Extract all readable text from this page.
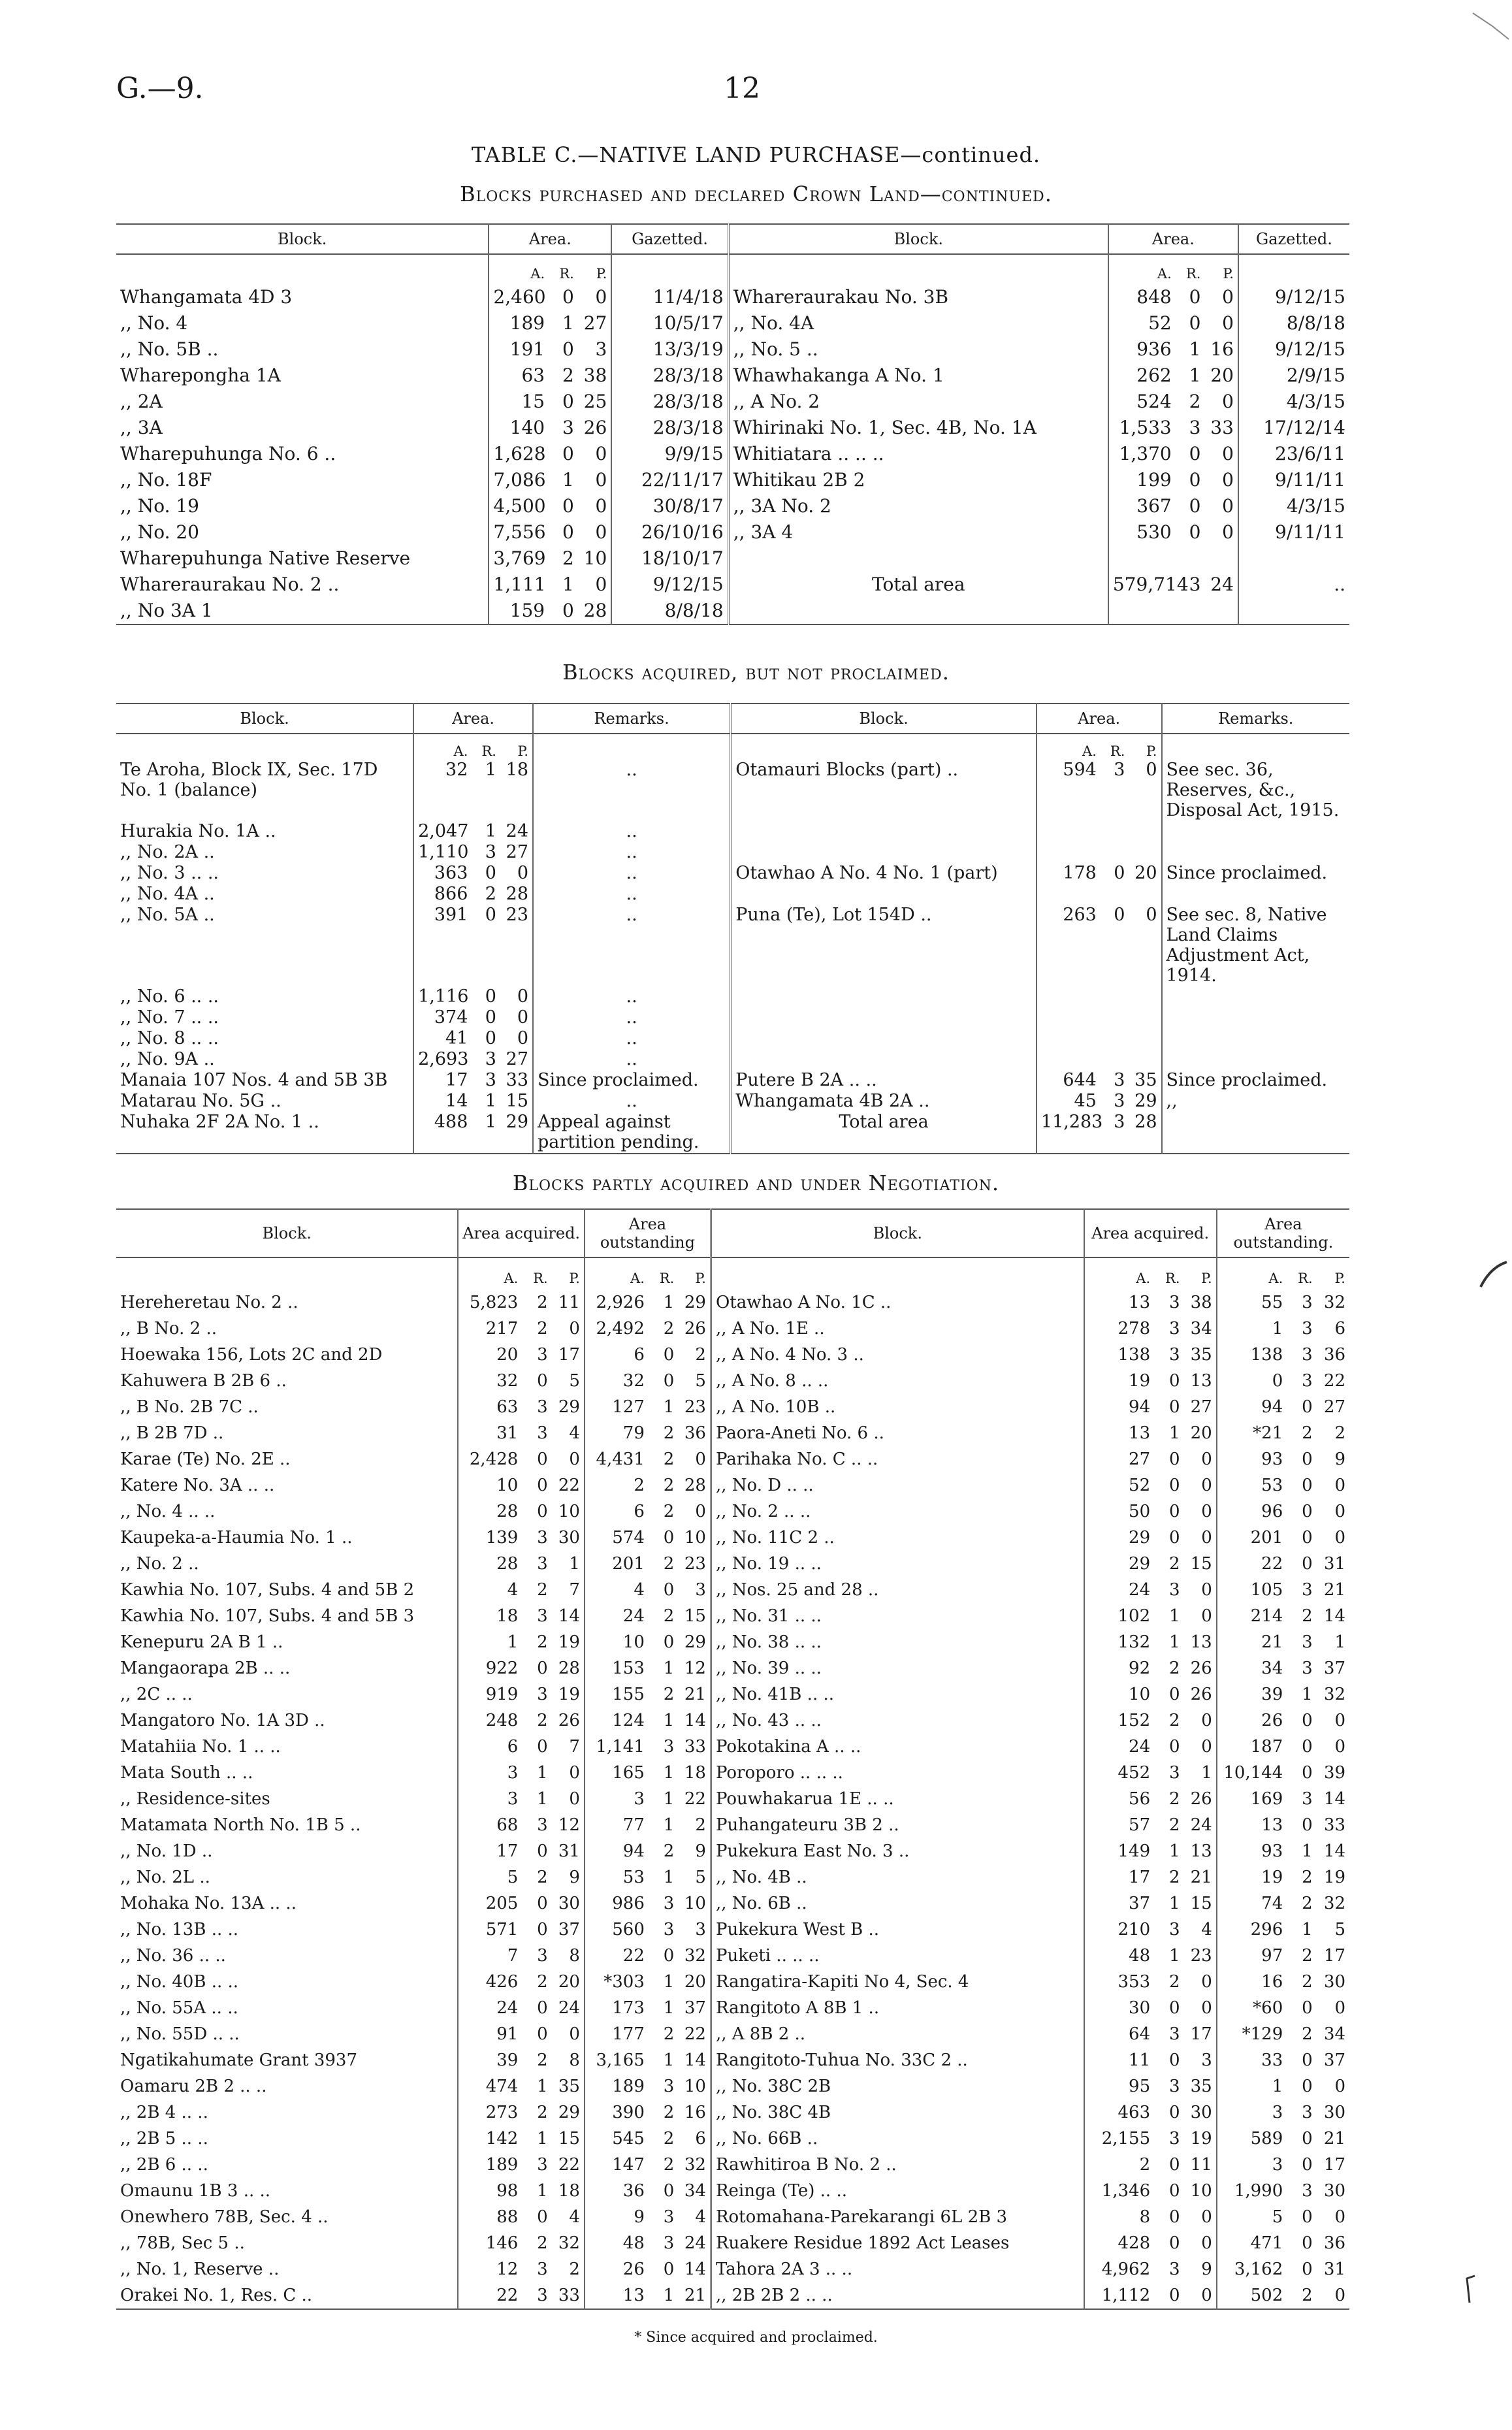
G.—9.	12
TABLE C.—NATIVE LAND PURCHASE—continued.
Blocks purchased and declared Crown Land—continued.
Block.	Area.			Gazetted.	Block.	Area.			Gazetted.
	A.	R.	P.			A.	R.	P.	
Whangamata 4D 3	2,460	0	0	11/4/18	Whareraurakau No. 3B	848	0	0	9/12/15
,, No. 4	189	1	27	10/5/17	,, No. 4A	52	0	0	8/8/18
,, No. 5B ..	191	0	3	13/3/19	,, No. 5 ..	936	1	16	9/12/15
Wharepongha 1A	63	2	38	28/3/18	Whawhakanga A No. 1	262	1	20	2/9/15
,, 2A	15	0	25	28/3/18	,, A No. 2	524	2	0	4/3/15
,, 3A	140	3	26	28/3/18	Whirinaki No. 1, Sec. 4B, No. 1A	1,533	3	33	17/12/14
Wharepuhunga No. 6 ..	1,628	0	0	9/9/15	Whitiatara .. .. ..	1,370	0	0	23/6/11
,, No. 18F	7,086	1	0	22/11/17	Whitikau 2B 2	199	0	0	9/11/11
,, No. 19	4,500	0	0	30/8/17	,, 3A No. 2	367	0	0	4/3/15
,, No. 20	7,556	0	0	26/10/16	,, 3A 4	530	0	0	9/11/11
Wharepuhunga Native Reserve	3,769	2	10	18/10/17					
Whareraurakau No. 2 ..	1,111	1	0	9/12/15	Total area	579,714	3	24	..
,, No 3A 1	159	0	28	8/8/18					
Blocks acquired, but not proclaimed.
Block.	Area.			Remarks.	Block.	Area.			Remarks.
	A.	R.	P.			A.	R.	P.	
Te Aroha, Block IX, Sec. 17D No. 1 (balance)	32	1	18	..	Otamauri Blocks (part) ..	594	3	0	See sec. 36, Reserves, &c., Disposal Act, 1915.
Hurakia No. 1A ..	2,047	1	24	..					
,, No. 2A ..	1,110	3	27	..					
,, No. 3 .. ..	363	0	0	..	Otawhao A No. 4 No. 1 (part)	178	0	20	Since proclaimed.
,, No. 4A ..	866	2	28	..					
,, No. 5A ..	391	0	23	..	Puna (Te), Lot 154D ..	263	0	0	See sec. 8, Native Land Claims Adjustment Act, 1914.
,, No. 6 .. ..	1,116	0	0	..					
,, No. 7 .. ..	374	0	0	..					
,, No. 8 .. ..	41	0	0	..					
,, No. 9A ..	2,693	3	27	..					
Manaia 107 Nos. 4 and 5B 3B	17	3	33	Since proclaimed.	Putere B 2A .. ..	644	3	35	Since proclaimed.
Matarau No. 5G ..	14	1	15	..	Whangamata 4B 2A ..	45	3	29	,,
Nuhaka 2F 2A No. 1 ..	488	1	29	Appeal against partition pending.	Total area	11,283	3	28	
Blocks partly acquired and under Negotiation.
Block.	Area acquired.			Area outstanding			Block.	Area acquired.			Area outstanding.		
	A.	R.	P.	A.	R.	P.		A.	R.	P.	A.	R.	P.
Hereheretau No. 2 ..	5,823	2	11	2,926	1	29	Otawhao A No. 1C ..	13	3	38	55	3	32
,, B No. 2 ..	217	2	0	2,492	2	26	,, A No. 1E ..	278	3	34	1	3	6
Hoewaka 156, Lots 2C and 2D	20	3	17	6	0	2	,, A No. 4 No. 3 ..	138	3	35	138	3	36
Kahuwera B 2B 6 ..	32	0	5	32	0	5	,, A No. 8 .. ..	19	0	13	0	3	22
,, B No. 2B 7C ..	63	3	29	127	1	23	,, A No. 10B ..	94	0	27	94	0	27
,, B 2B 7D ..	31	3	4	79	2	36	Paora-Aneti No. 6 ..	13	1	20	*21	2	2
Karae (Te) No. 2E ..	2,428	0	0	4,431	2	0	Parihaka No. C .. ..	27	0	0	93	0	9
Katere No. 3A .. ..	10	0	22	2	2	28	,, No. D .. ..	52	0	0	53	0	0
,, No. 4 .. ..	28	0	10	6	2	0	,, No. 2 .. ..	50	0	0	96	0	0
Kaupeka-a-Haumia No. 1 ..	139	3	30	574	0	10	,, No. 11C 2 ..	29	0	0	201	0	0
,, No. 2 ..	28	3	1	201	2	23	,, No. 19 .. ..	29	2	15	22	0	31
Kawhia No. 107, Subs. 4 and 5B 2	4	2	7	4	0	3	,, Nos. 25 and 28 ..	24	3	0	105	3	21
Kawhia No. 107, Subs. 4 and 5B 3	18	3	14	24	2	15	,, No. 31 .. ..	102	1	0	214	2	14
Kenepuru 2A B 1 ..	1	2	19	10	0	29	,, No. 38 .. ..	132	1	13	21	3	1
Mangaorapa 2B .. ..	922	0	28	153	1	12	,, No. 39 .. ..	92	2	26	34	3	37
,, 2C .. ..	919	3	19	155	2	21	,, No. 41B .. ..	10	0	26	39	1	32
Mangatoro No. 1A 3D ..	248	2	26	124	1	14	,, No. 43 .. ..	152	2	0	26	0	0
Matahiia No. 1 .. ..	6	0	7	1,141	3	33	Pokotakina A .. ..	24	0	0	187	0	0
Mata South .. ..	3	1	0	165	1	18	Poroporo .. .. ..	452	3	1	10,144	0	39
,, Residence-sites	3	1	0	3	1	22	Pouwhakarua 1E .. ..	56	2	26	169	3	14
Matamata North No. 1B 5 ..	68	3	12	77	1	2	Puhangateuru 3B 2 ..	57	2	24	13	0	33
,, No. 1D ..	17	0	31	94	2	9	Pukekura East No. 3 ..	149	1	13	93	1	14
,, No. 2L ..	5	2	9	53	1	5	,, No. 4B ..	17	2	21	19	2	19
Mohaka No. 13A .. ..	205	0	30	986	3	10	,, No. 6B ..	37	1	15	74	2	32
,, No. 13B .. ..	571	0	37	560	3	3	Pukekura West B ..	210	3	4	296	1	5
,, No. 36 .. ..	7	3	8	22	0	32	Puketi .. .. ..	48	1	23	97	2	17
,, No. 40B .. ..	426	2	20	*303	1	20	Rangatira-Kapiti No 4, Sec. 4	353	2	0	16	2	30
,, No. 55A .. ..	24	0	24	173	1	37	Rangitoto A 8B 1 ..	30	0	0	*60	0	0
,, No. 55D .. ..	91	0	0	177	2	22	,, A 8B 2 ..	64	3	17	*129	2	34
Ngatikahumate Grant 3937	39	2	8	3,165	1	14	Rangitoto-Tuhua No. 33C 2 ..	11	0	3	33	0	37
Oamaru 2B 2 .. ..	474	1	35	189	3	10	,, No. 38C 2B	95	3	35	1	0	0
,, 2B 4 .. ..	273	2	29	390	2	16	,, No. 38C 4B	463	0	30	3	3	30
,, 2B 5 .. ..	142	1	15	545	2	6	,, No. 66B ..	2,155	3	19	589	0	21
,, 2B 6 .. ..	189	3	22	147	2	32	Rawhitiroa B No. 2 ..	2	0	11	3	0	17
Omaunu 1B 3 .. ..	98	1	18	36	0	34	Reinga (Te) .. ..	1,346	0	10	1,990	3	30
Onewhero 78B, Sec. 4 ..	88	0	4	9	3	4	Rotomahana-Parekarangi 6L 2B 3	8	0	0	5	0	0
,, 78B, Sec 5 ..	146	2	32	48	3	24	Ruakere Residue 1892 Act Leases	428	0	0	471	0	36
,, No. 1, Reserve ..	12	3	2	26	0	14	Tahora 2A 3 .. ..	4,962	3	9	3,162	0	31
Orakei No. 1, Res. C ..	22	3	33	13	1	21	,, 2B 2B 2 .. ..	1,112	0	0	502	2	0
* Since acquired and proclaimed.
